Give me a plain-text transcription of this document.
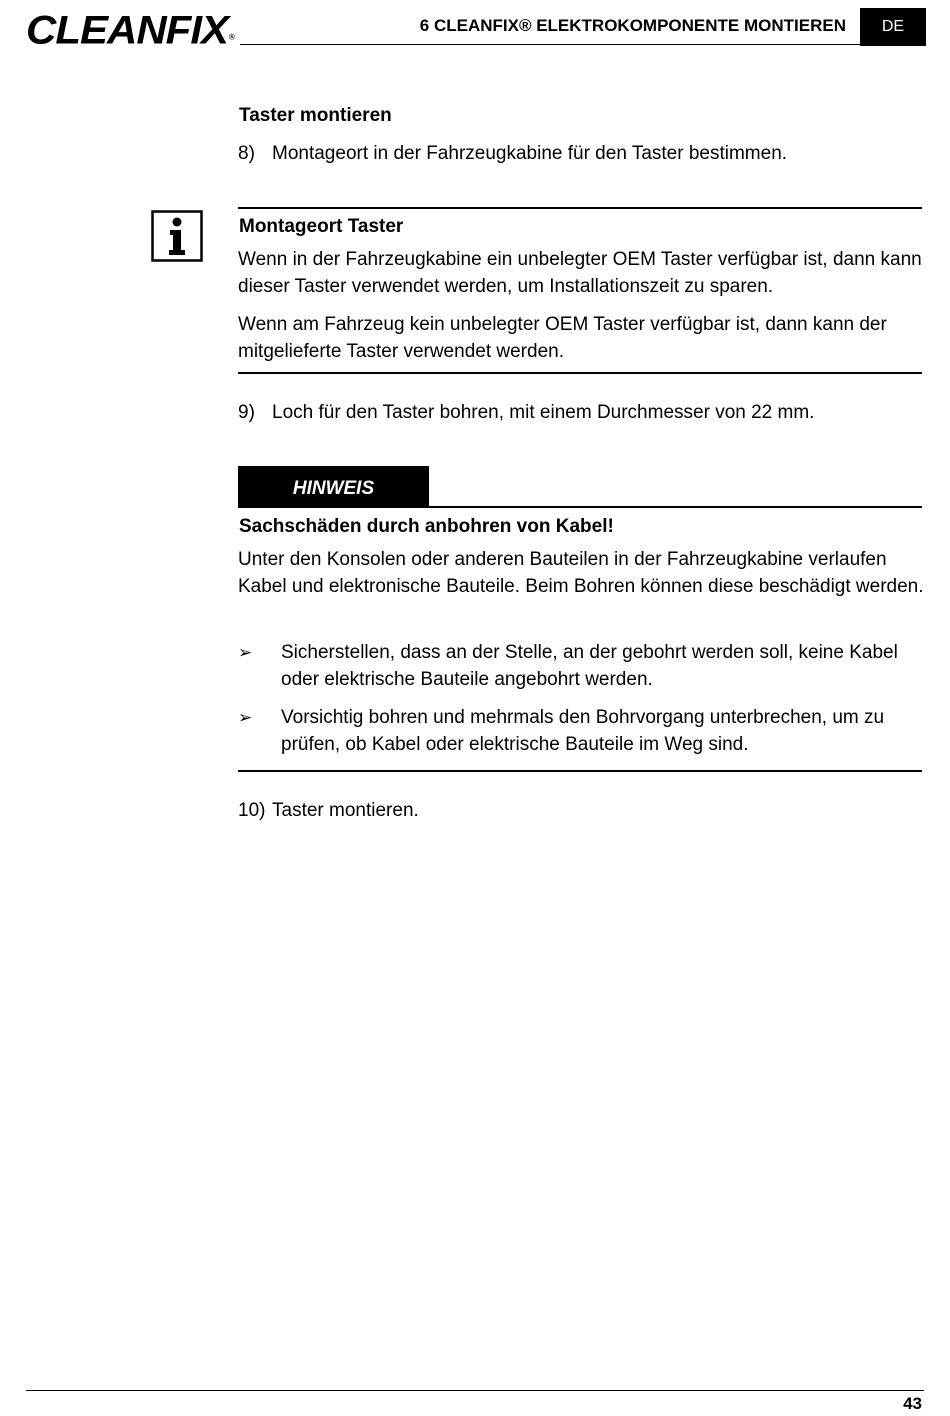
CLEANFIX®
6 CLEANFIX® ELEKTROKOMPONENTE MONTIEREN	DE
Taster montieren
8) Montageort in der Fahrzeugkabine für den Taster bestimmen.
Montageort Taster
Wenn in der Fahrzeugkabine ein unbelegter OEM Taster verfügbar ist, dann kann dieser Taster verwendet werden, um Installationszeit zu sparen.
Wenn am Fahrzeug kein unbelegter OEM Taster verfügbar ist, dann kann der mitgelieferte Taster verwendet werden.
9) Loch für den Taster bohren, mit einem Durchmesser von 22 mm.
HINWEIS
Sachschäden durch anbohren von Kabel!
Unter den Konsolen oder anderen Bauteilen in der Fahrzeugkabine verlaufen Kabel und elektronische Bauteile. Beim Bohren können diese beschädigt werden.
➢ Sicherstellen, dass an der Stelle, an der gebohrt werden soll, keine Kabel oder elektrische Bauteile angebohrt werden.
➢ Vorsichtig bohren und mehrmals den Bohrvorgang unterbrechen, um zu prüfen, ob Kabel oder elektrische Bauteile im Weg sind.
10) Taster montieren.
43
